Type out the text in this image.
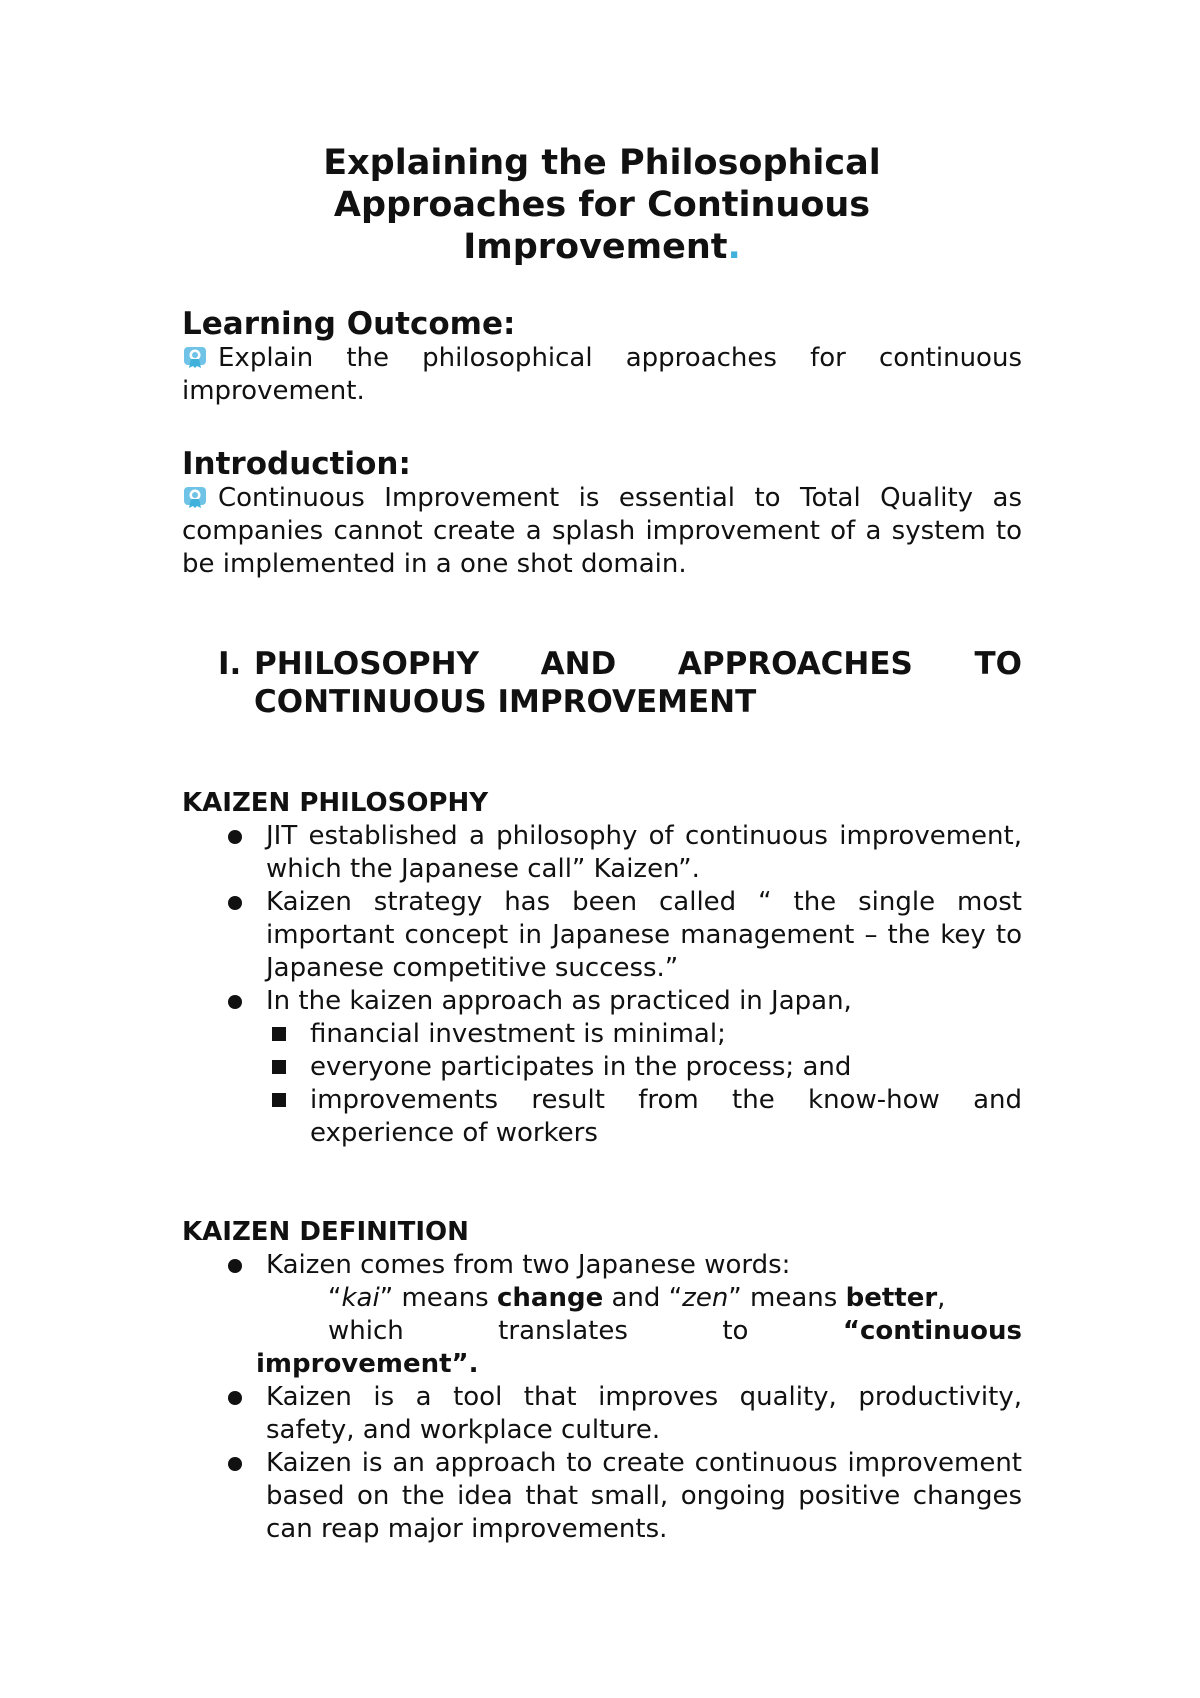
Explaining the Philosophical
Approaches for Continuous
Improvement.
Learning Outcome:

Explain the philosophical approaches for continuous improvement.

Introduction:

Continuous Improvement is essential to Total Quality as companies cannot create a splash improvement of a system to be implemented in a one shot domain.

I. PHILOSOPHY AND APPROACHES TO
CONTINUOUS IMPROVEMENT
KAIZEN PHILOSOPHY
JIT established a philosophy of continuous improvement, which the Japanese call” Kaizen”.
Kaizen strategy has been called “ the single most important concept in Japanese management – the key to Japanese competitive success.”
In the kaizen approach as practiced in Japan,
financial investment is minimal;
everyone participates in the process; and
improvements result from the know-how and experience of workers
KAIZEN DEFINITION
Kaizen comes from two Japanese words:
“kai” means change and “zen” means better,
which translates to	“continuous
improvement”.
Kaizen is a tool that improves quality, productivity, safety, and workplace culture.
Kaizen is an approach to create continuous improvement based on the idea that small, ongoing positive changes can reap major improvements.
